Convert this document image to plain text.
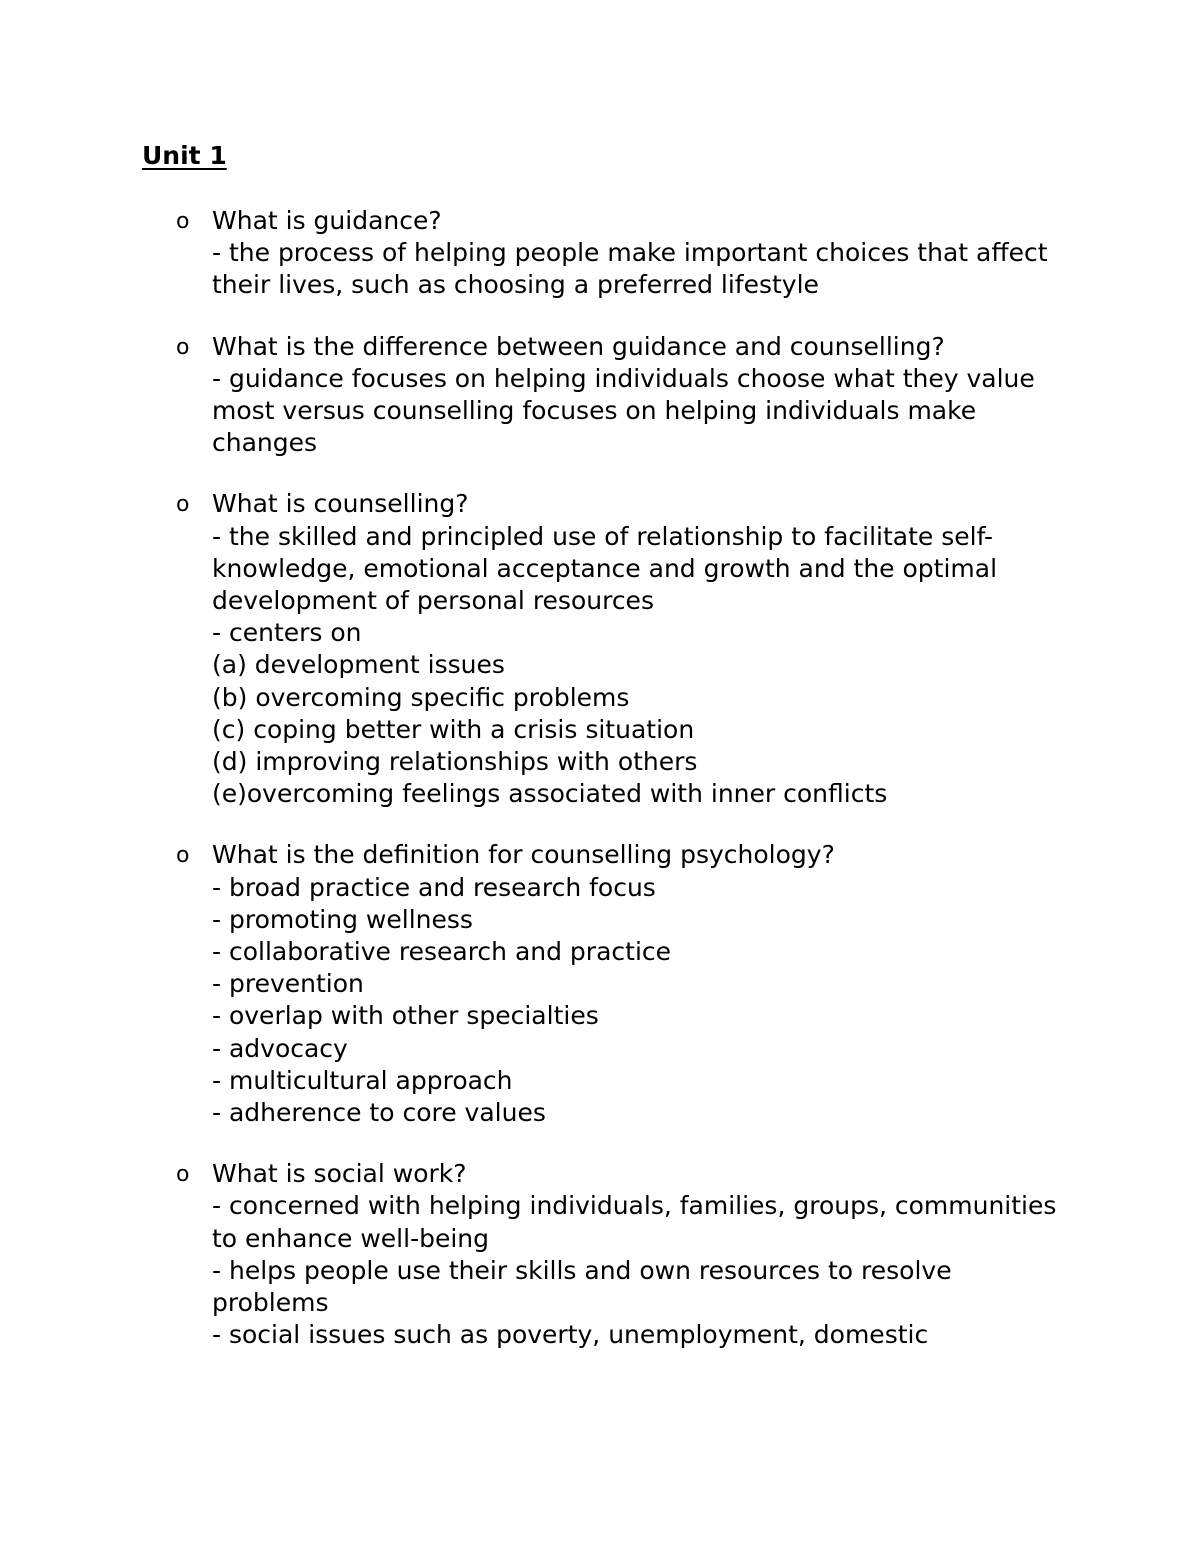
Unit 1
o What is guidance?
- the process of helping people make important choices that affect their lives, such as choosing a preferred lifestyle
o What is the difference between guidance and counselling?
- guidance focuses on helping individuals choose what they value most versus counselling focuses on helping individuals make changes
o What is counselling?
- the skilled and principled use of relationship to facilitate self-knowledge, emotional acceptance and growth and the optimal development of personal resources
- centers on
(a) development issues
(b) overcoming specific problems
(c) coping better with a crisis situation
(d) improving relationships with others
(e)overcoming feelings associated with inner conflicts
o What is the definition for counselling psychology?
- broad practice and research focus
- promoting wellness
- collaborative research and practice
- prevention
- overlap with other specialties
- advocacy
- multicultural approach
- adherence to core values
o What is social work?
- concerned with helping individuals, families, groups, communities to enhance well-being
- helps people use their skills and own resources to resolve problems
- social issues such as poverty, unemployment, domestic
